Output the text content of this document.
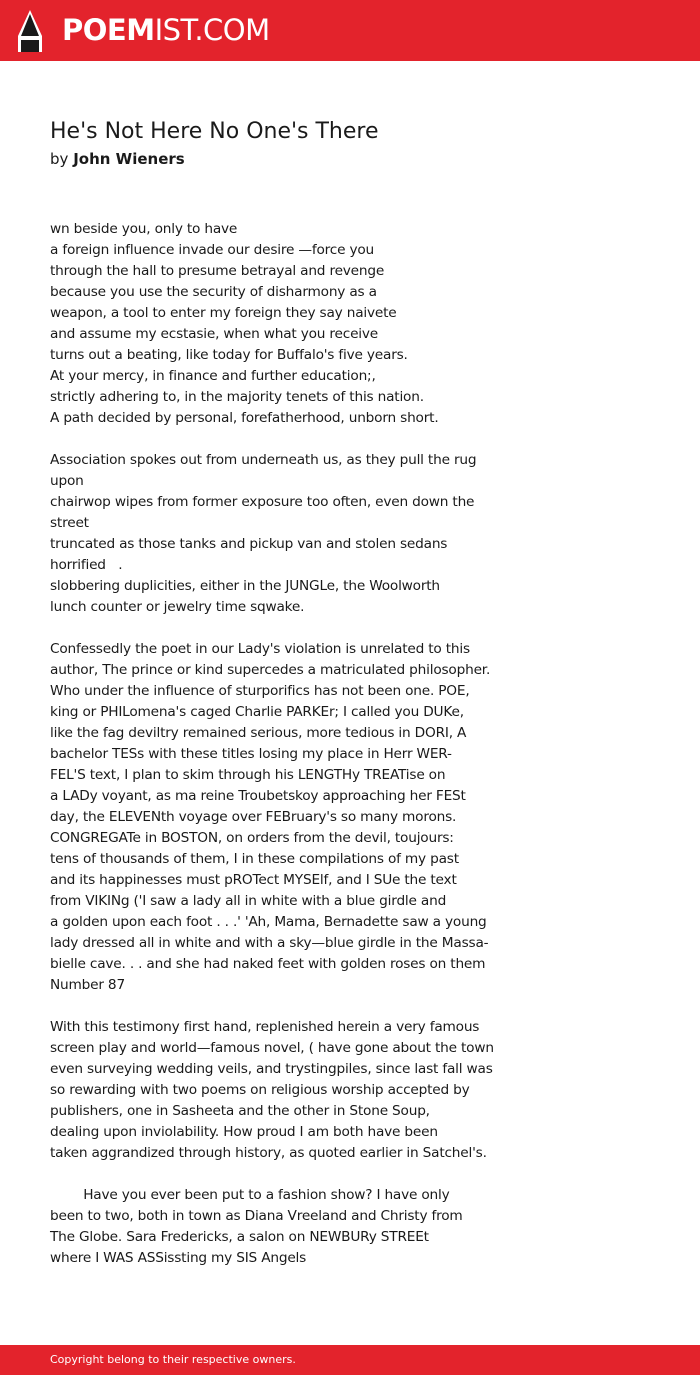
POEMIST.COM
He's Not Here No One's There
by John Wieners
wn beside you, only to have
a foreign influence invade our desire —force you
through the hall to presume betrayal and revenge
because you use the security of disharmony as a
weapon, a tool to enter my foreign they say naivete
and assume my ecstasie, when what you receive
turns out a beating, like today for Buffalo's five years.
At your mercy, in finance and further education;,
strictly adhering to, in the majority tenets of this nation.
A path decided by personal, forefatherhood, unborn short.
Association spokes out from underneath us, as they pull the rug
upon
chairwop wipes from former exposure too often, even down the
street
truncated as those tanks and pickup van and stolen sedans
horrified   .
slobbering duplicities, either in the JUNGLe, the Woolworth
lunch counter or jewelry time sqwake.
Confessedly the poet in our Lady's violation is unrelated to this
author, The prince or kind supercedes a matriculated philosopher.
Who under the influence of sturporifics has not been one. POE,
king or PHILomena's caged Charlie PARKEr; I called you DUKe,
like the fag deviltry remained serious, more tedious in DORI, A
bachelor TESs with these titles losing my place in Herr WER-
FEL'S text, I plan to skim through his LENGTHy TREATise on
a LADy voyant, as ma reine Troubetskoy approaching her FESt
day, the ELEVENth voyage over FEBruary's so many morons.
CONGREGATe in BOSTON, on orders from the devil, toujours:
tens of thousands of them, I in these compilations of my past
and its happinesses must pROTect MYSElf, and I SUe the text
from VIKINg ('I saw a lady all in white with a blue girdle and
a golden upon each foot . . .' 'Ah, Mama, Bernadette saw a young
lady dressed all in white and with a sky—blue girdle in the Massa-
bielle cave. . . and she had naked feet with golden roses on them
Number 87
With this testimony first hand, replenished herein a very famous
screen play and world—famous novel, ( have gone about the town
even surveying wedding veils, and trystingpiles, since last fall was
so rewarding with two poems on religious worship accepted by
publishers, one in Sasheeta and the other in Stone Soup,
dealing upon inviolability. How proud I am both have been
taken aggrandized through history, as quoted earlier in Satchel's.
Have you ever been put to a fashion show? I have only
been to two, both in town as Diana Vreeland and Christy from
The Globe. Sara Fredericks, a salon on NEWBURy STREEt
where I WAS ASSissting my SIS Angels
Copyright belong to their respective owners.
